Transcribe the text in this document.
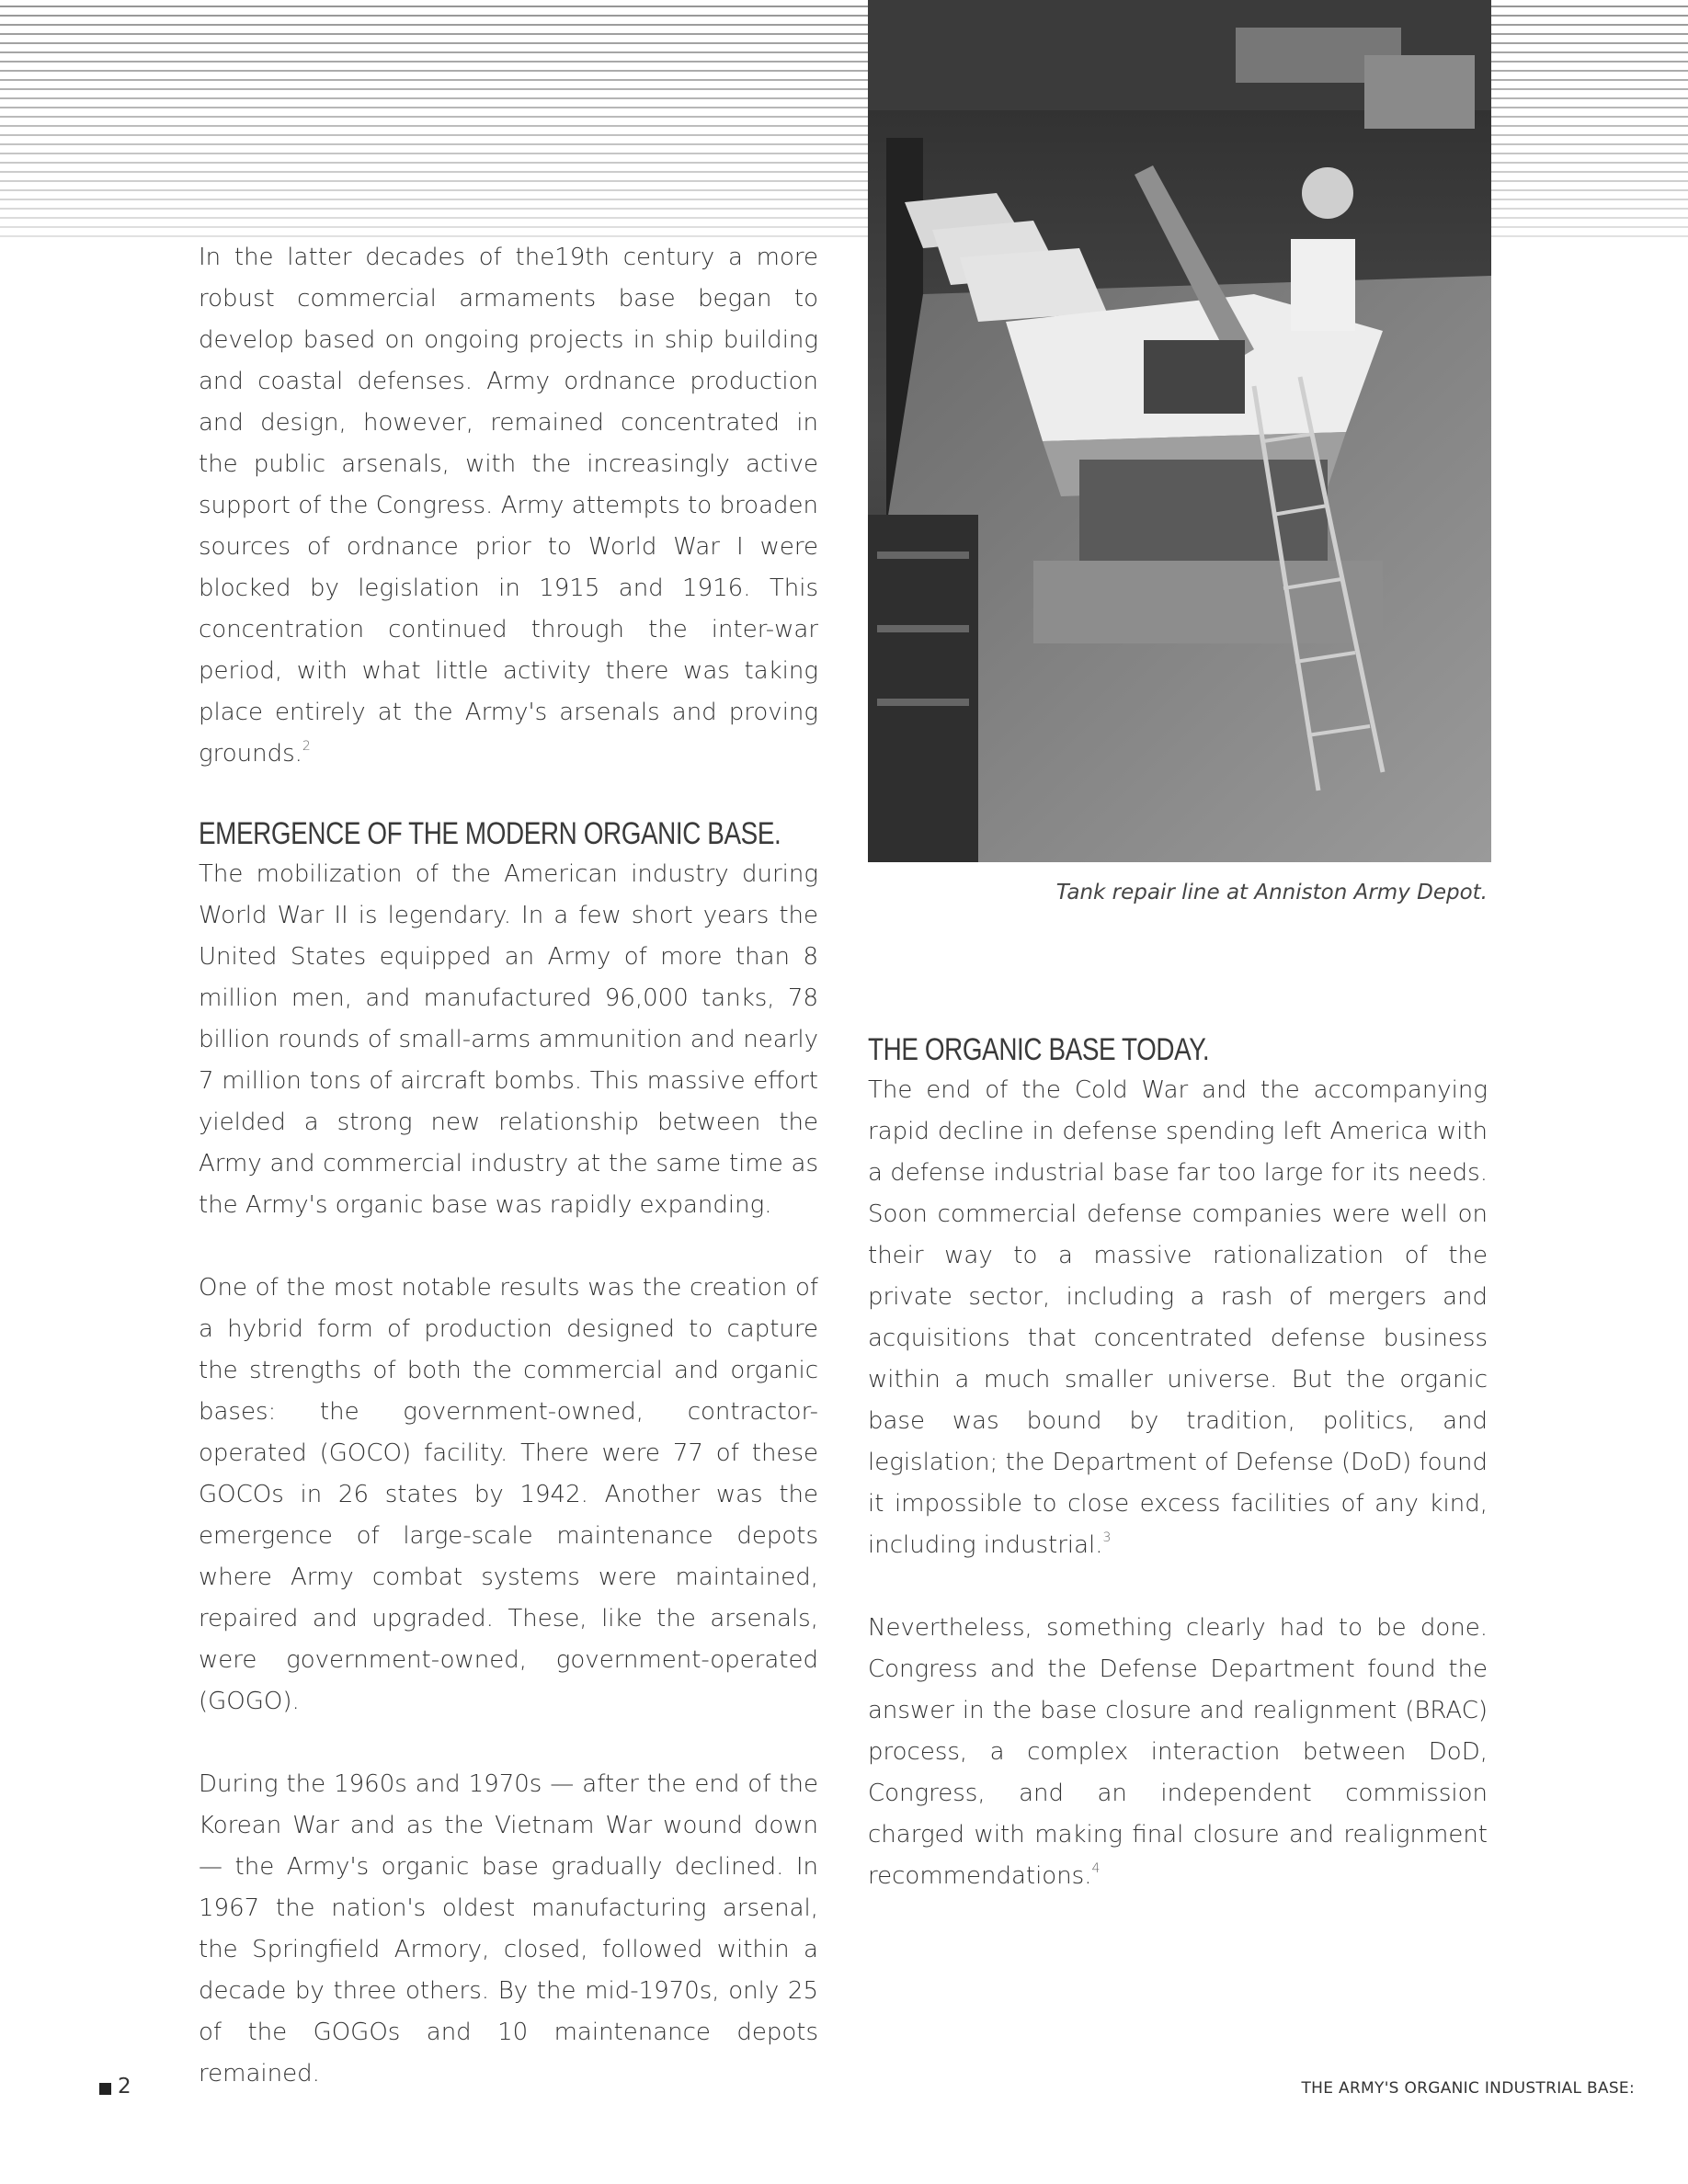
In the latter decades of the19th century a more robust commercial armaments base began to develop based on ongoing projects in ship building and coastal defenses. Army ordnance production and design, however, remained concentrated in the public arsenals, with the increasingly active support of the Congress. Army attempts to broaden sources of ordnance prior to World War I were blocked by legislation in 1915 and 1916. This concentration continued through the inter-war period, with what little activity there was taking place entirely at the Army's arsenals and proving grounds.$^2$

EMERGENCE OF THE MODERN ORGANIC BASE.

The mobilization of the American industry during World War II is legendary. In a few short years the United States equipped an Army of more than 8 million men, and manufactured 96,000 tanks, 78 billion rounds of small-arms ammunition and nearly 7 million tons of aircraft bombs. This massive effort yielded a strong new relationship between the Army and commercial industry at the same time as the Army's organic base was rapidly expanding.

One of the most notable results was the creation of a hybrid form of production designed to capture the strengths of both the commercial and organic bases: the government-owned, contractor-operated (GOCO) facility. There were 77 of these GOCOs in 26 states by 1942. Another was the emergence of large-scale maintenance depots where Army combat systems were maintained, repaired and upgraded. These, like the arsenals, were government-owned, government-operated (GOGO).

During the 1960s and 1970s — after the end of the Korean War and as the Vietnam War wound down — the Army's organic base gradually declined. In 1967 the nation's oldest manufacturing arsenal, the Springfield Armory, closed, followed within a decade by three others. By the mid-1970s, only 25 of the GOGOs and 10 maintenance depots remained.

Tank repair line at Anniston Army Depot.
THE ORGANIC BASE TODAY.

The end of the Cold War and the accompanying rapid decline in defense spending left America with a defense industrial base far too large for its needs. Soon commercial defense companies were well on their way to a massive rationalization of the private sector, including a rash of mergers and acquisitions that concentrated defense business within a much smaller universe. But the organic base was bound by tradition, politics, and legislation; the Department of Defense (DoD) found it impossible to close excess facilities of any kind, including industrial.$^3$

Nevertheless, something clearly had to be done. Congress and the Defense Department found the answer in the base closure and realignment (BRAC) process, a complex interaction between DoD, Congress, and an independent commission charged with making final closure and realignment recommendations.$^4$

2	THE ARMY'S ORGANIC INDUSTRIAL BASE:
